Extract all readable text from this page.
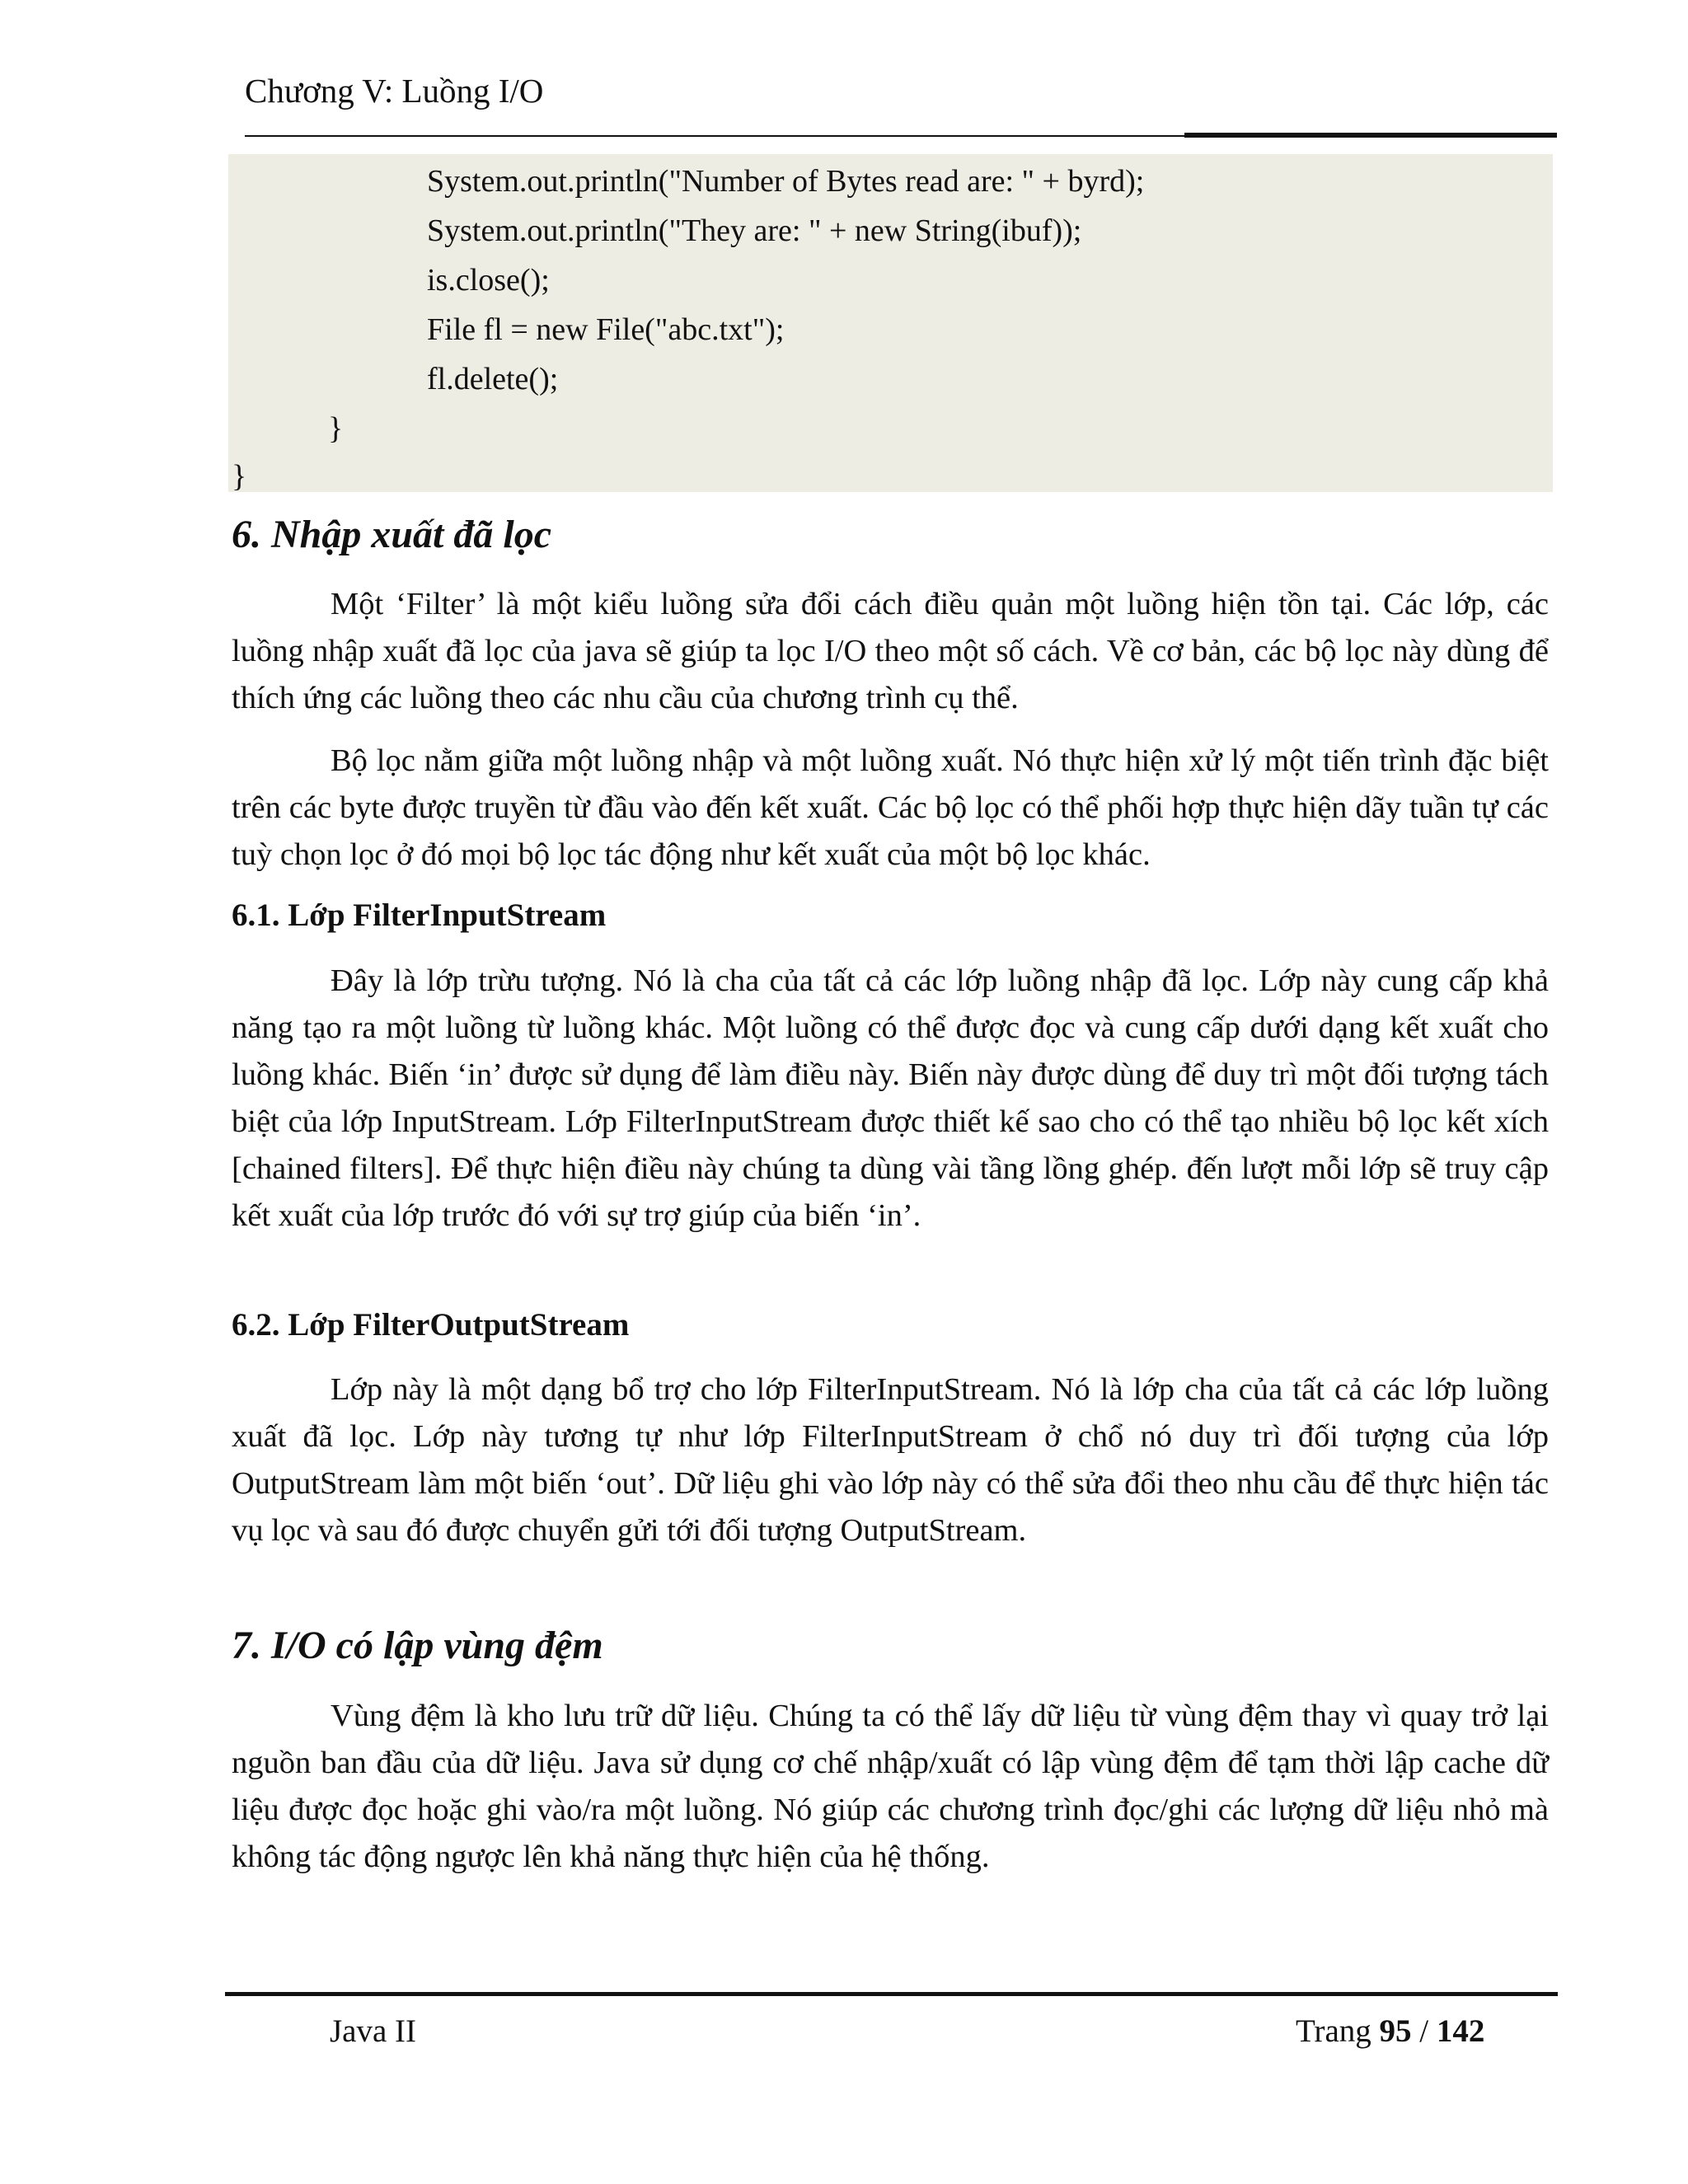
Chương V: Luồng I/O
System.out.println("Number of Bytes read are: " + byrd);
System.out.println("They are: " + new String(ibuf));
is.close();
File fl = new File("abc.txt");
fl.delete();
}
}
6. Nhập xuất đã lọc

Một ‘Filter’ là một kiểu luồng sửa đổi cách điều quản một luồng hiện tồn tại. Các lớp, các luồng nhập xuất đã lọc của java sẽ giúp ta lọc I/O theo một số cách. Về cơ bản, các bộ lọc này dùng để thích ứng các luồng theo các nhu cầu của chương trình cụ thể.

Bộ lọc nằm giữa một luồng nhập và một luồng xuất. Nó thực hiện xử lý một tiến trình đặc biệt trên các byte được truyền từ đầu vào đến kết xuất. Các bộ lọc có thể phối hợp thực hiện dãy tuần tự các tuỳ chọn lọc ở đó mọi bộ lọc tác động như kết xuất của một bộ lọc khác.

6.1. Lớp FilterInputStream

Đây là lớp trừu tượng. Nó là cha của tất cả các lớp luồng nhập đã lọc. Lớp này cung cấp khả năng tạo ra một luồng từ luồng khác. Một luồng có thể được đọc và cung cấp dưới dạng kết xuất cho luồng khác. Biến ‘in’ được sử dụng để làm điều này. Biến này được dùng để duy trì một đối tượng tách biệt của lớp InputStream. Lớp FilterInputStream được thiết kế sao cho có thể tạo nhiều bộ lọc kết xích [chained filters]. Để thực hiện điều này chúng ta dùng vài tầng lồng ghép. đến lượt mỗi lớp sẽ truy cập kết xuất của lớp trước đó với sự trợ giúp của biến ‘in’.

6.2. Lớp FilterOutputStream

Lớp này là một dạng bổ trợ cho lớp FilterInputStream. Nó là lớp cha của tất cả các lớp luồng xuất đã lọc. Lớp này tương tự như lớp FilterInputStream ở chổ nó duy trì đối tượng của lớp OutputStream làm một biến ‘out’. Dữ liệu ghi vào lớp này có thể sửa đổi theo nhu cầu để thực hiện tác vụ lọc và sau đó được chuyển gửi tới đối tượng OutputStream.

7. I/O có lập vùng đệm

Vùng đệm là kho lưu trữ dữ liệu. Chúng ta có thể lấy dữ liệu từ vùng đệm thay vì quay trở lại nguồn ban đầu của dữ liệu. Java sử dụng cơ chế nhập/xuất có lập vùng đệm để tạm thời lập cache dữ liệu được đọc hoặc ghi vào/ra một luồng. Nó giúp các chương trình đọc/ghi các lượng dữ liệu nhỏ mà không tác động ngược lên khả năng thực hiện của hệ thống.

Java II	Trang 95 / 142
